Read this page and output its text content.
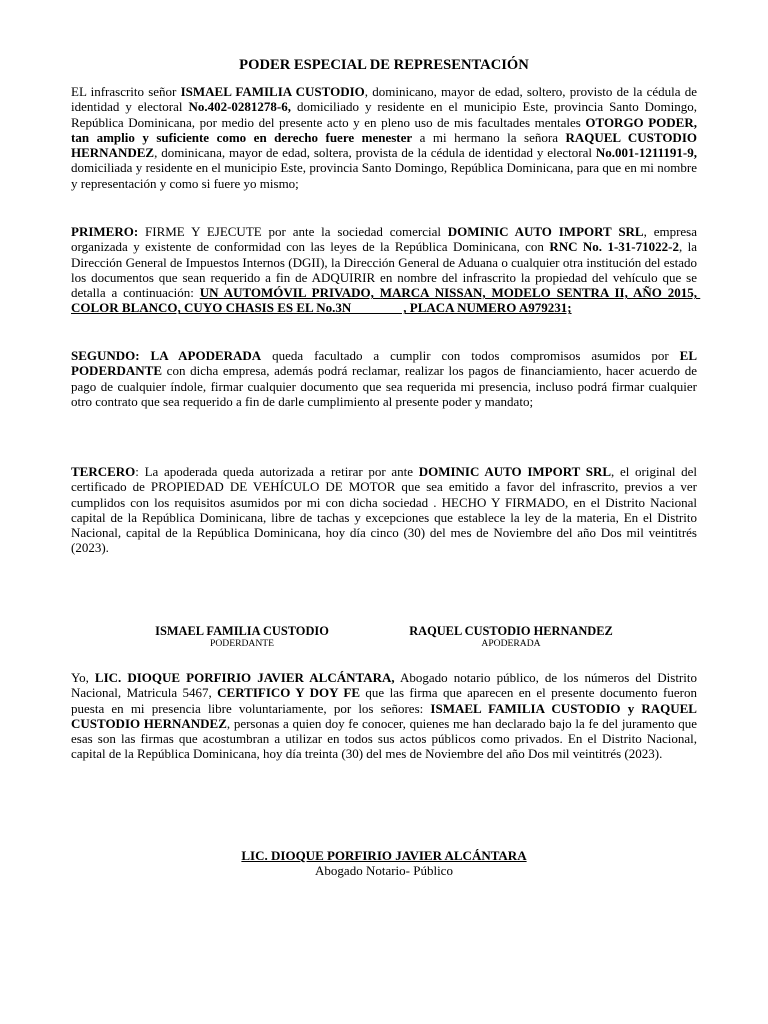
PODER ESPECIAL DE REPRESENTACIÓN

EL infrascrito señor ISMAEL FAMILIA CUSTODIO, dominicano, mayor de edad, soltero, provisto de la cédula de identidad y electoral No.402-0281278-6, domiciliado y residente en el municipio Este, provincia Santo Domingo, República Dominicana, por medio del presente acto y en pleno uso de mis facultades mentales OTORGO PODER, tan amplio y suficiente como en derecho fuere menester a mi hermano la señora RAQUEL CUSTODIO HERNANDEZ, dominicana, mayor de edad, soltera, provista de la cédula de identidad y electoral No.001-1211191-9, domiciliada y residente en el municipio Este, provincia Santo Domingo, República Dominicana, para que en mi nombre y representación y como si fuere yo mismo;

PRIMERO: FIRME Y EJECUTE por ante la sociedad comercial DOMINIC AUTO IMPORT SRL, empresa organizada y existente de conformidad con las leyes de la República Dominicana, con RNC No. 1-31-71022-2, la Dirección General de Impuestos Internos (DGII), la Dirección General de Aduana o cualquier otra institución del estado los documentos que sean requerido a fin de ADQUIRIR en nombre del infrascrito la propiedad del vehículo que se detalla a continuación: UN AUTOMÓVIL PRIVADO, MARCA NISSAN, MODELO SENTRA II, AÑO 2015, COLOR BLANCO, CUYO CHASIS ES EL No.3N                , PLACA NUMERO A979231;

SEGUNDO: LA APODERADA queda facultado a cumplir con todos compromisos asumidos por EL PODERDANTE con dicha empresa, además podrá reclamar, realizar los pagos de financiamiento, hacer acuerdo de pago de cualquier índole, firmar cualquier documento que sea requerida mi presencia, incluso podrá firmar cualquier otro contrato que sea requerido a fin de darle cumplimiento al presente poder y mandato;

TERCERO: La apoderada queda autorizada a retirar por ante DOMINIC AUTO IMPORT SRL, el original del certificado de PROPIEDAD DE VEHÍCULO DE MOTOR que sea emitido a favor del infrascrito, previos a ver cumplidos con los requisitos asumidos por mi con dicha sociedad . HECHO Y FIRMADO, en el Distrito Nacional capital de la República Dominicana, libre de tachas y excepciones que establece la ley de la materia, En el Distrito Nacional, capital de la República Dominicana, hoy día cinco (30) del mes de Noviembre del año Dos mil veintitrés (2023).

ISMAEL FAMILIA CUSTODIO
PODERDANTE
RAQUEL CUSTODIO HERNANDEZ
APODERADA

Yo, LIC. DIOQUE PORFIRIO JAVIER ALCÁNTARA, Abogado notario público, de los números del Distrito Nacional, Matricula 5467, CERTIFICO Y DOY FE que las firma que aparecen en el presente documento fueron puesta en mi presencia libre voluntariamente, por los señores: ISMAEL FAMILIA CUSTODIO y RAQUEL CUSTODIO HERNANDEZ, personas a quien doy fe conocer, quienes me han declarado bajo la fe del juramento que esas son las firmas que acostumbran a utilizar en todos sus actos públicos como privados. En el Distrito Nacional, capital de la República Dominicana, hoy día treinta (30) del mes de Noviembre del año Dos mil veintitrés (2023).

LIC. DIOQUE PORFIRIO JAVIER ALCÁNTARA
Abogado Notario- Público
